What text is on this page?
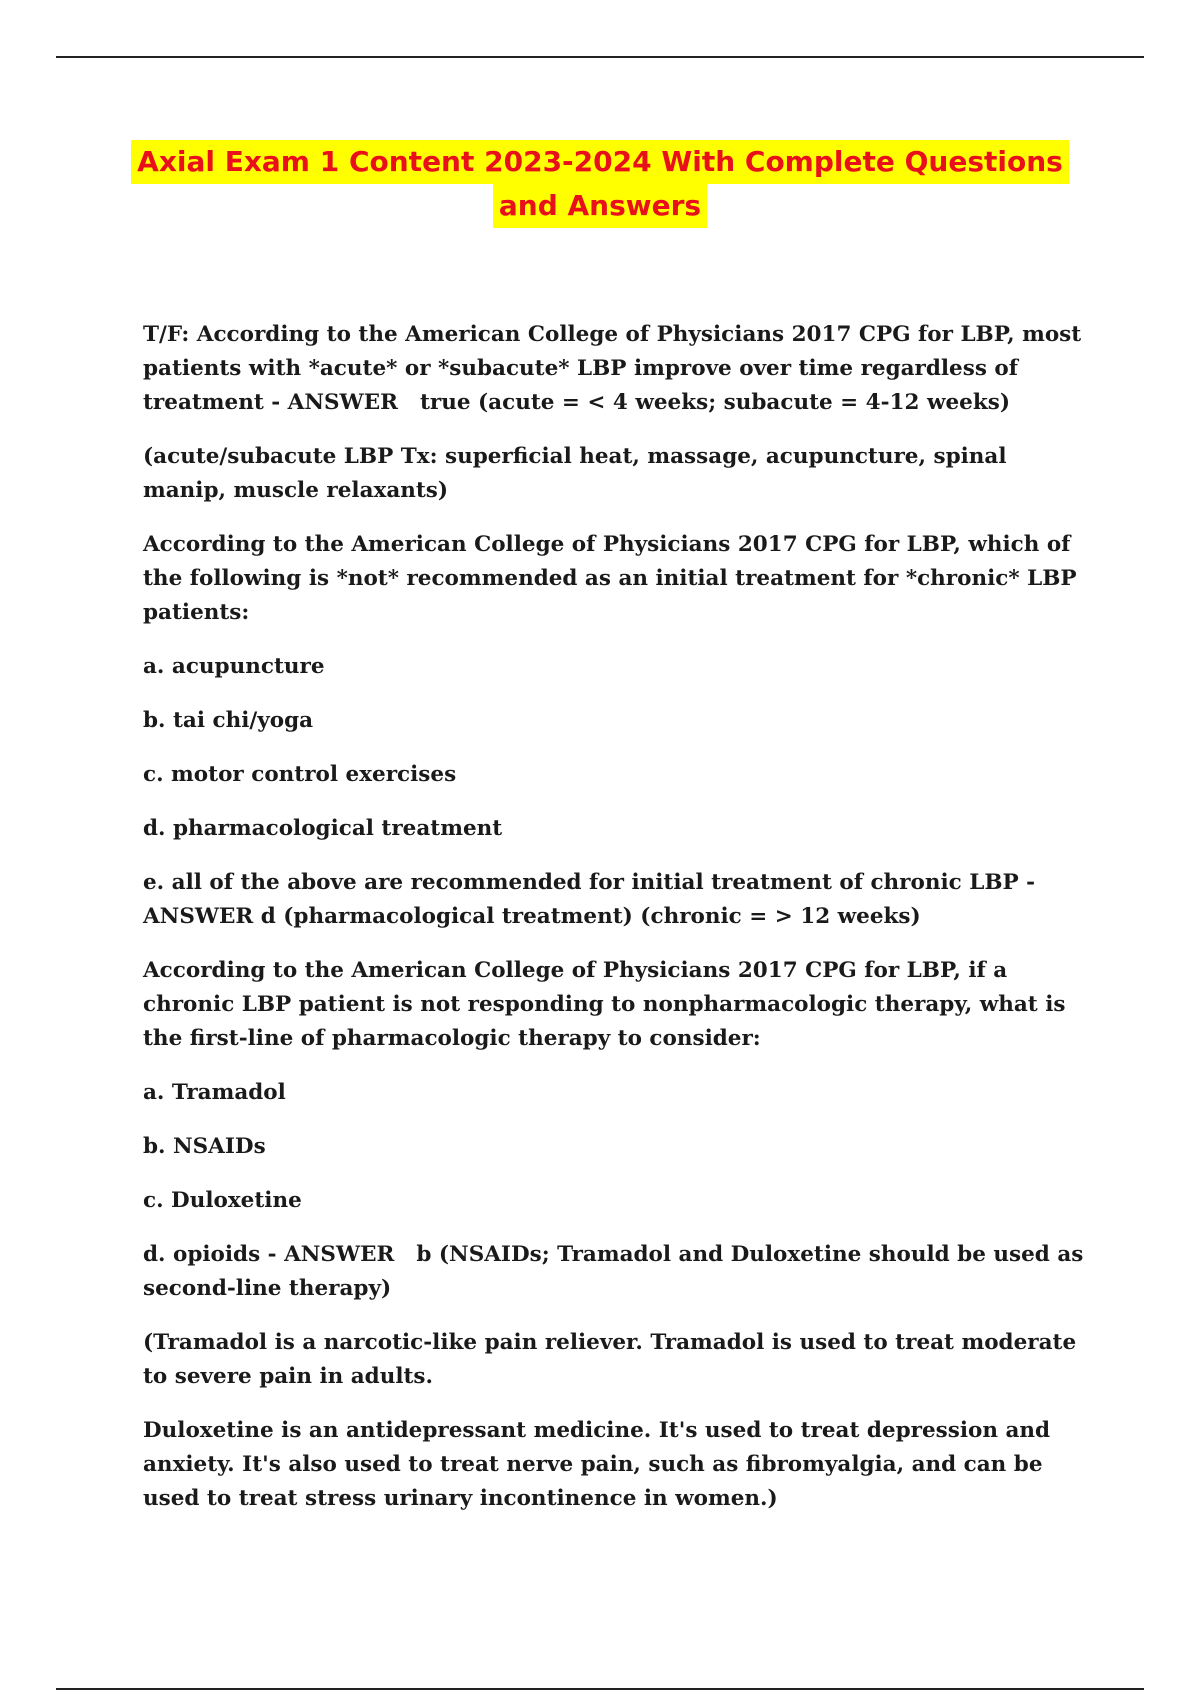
Axial Exam 1 Content 2023-2024 With Complete Questions
and Answers

T/F: According to the American College of Physicians 2017 CPG for LBP, most patients with *acute* or *subacute* LBP improve over time regardless of treatment - ANSWER true (acute = < 4 weeks; subacute = 4-12 weeks)

(acute/subacute LBP Tx: superficial heat, massage, acupuncture, spinal manip, muscle relaxants)

According to the American College of Physicians 2017 CPG for LBP, which of the following is *not* recommended as an initial treatment for *chronic* LBP patients:

a. acupuncture

b. tai chi/yoga

c. motor control exercises

d. pharmacological treatment

e. all of the above are recommended for initial treatment of chronic LBP - ANSWER d (pharmacological treatment) (chronic = > 12 weeks)

According to the American College of Physicians 2017 CPG for LBP, if a chronic LBP patient is not responding to nonpharmacologic therapy, what is the first-line of pharmacologic therapy to consider:

a. Tramadol

b. NSAIDs

c. Duloxetine

d. opioids - ANSWER b (NSAIDs; Tramadol and Duloxetine should be used as second-line therapy)

(Tramadol is a narcotic-like pain reliever. Tramadol is used to treat moderate to severe pain in adults.

Duloxetine is an antidepressant medicine. It's used to treat depression and anxiety. It's also used to treat nerve pain, such as fibromyalgia, and can be used to treat stress urinary incontinence in women.)
